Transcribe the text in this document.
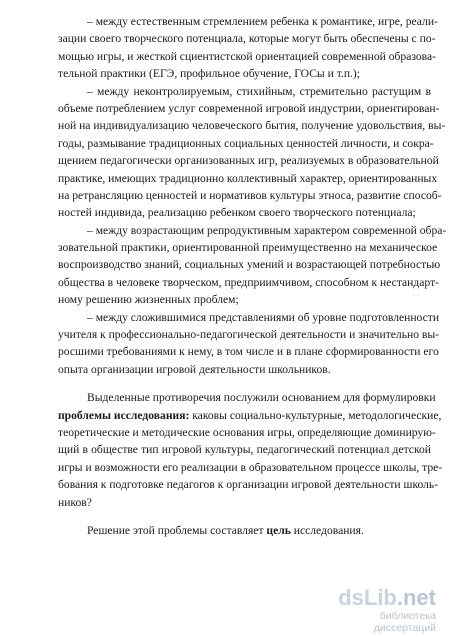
– между естественным стремлением ребенка к романтике, игре, реали-
зации своего творческого потенциала, которые могут быть обеспечены с по-
мощью игры, и жесткой сциентистской ориентацией современной образова-
тельной практики (ЕГЭ, профильное обучение, ГОСы и т.п.);
– между неконтролируемым, стихийным, стремительно растущим в
объеме потреблением услуг современной игровой индустрии, ориентирован-
ной на индивидуализацию человеческого бытия, получение удовольствия, вы-
годы, размывание традиционных социальных ценностей личности, и сокра-
щением педагогически организованных игр, реализуемых в образовательной
практике, имеющих традиционно коллективный характер, ориентированных
на ретрансляцию ценностей и нормативов культуры этноса, развитие способ-
ностей индивида, реализацию ребенком своего творческого потенциала;
– между возрастающим репродуктивным характером современной обра-
зовательной практики, ориентированной преимущественно на механическое
воспроизводство знаний, социальных умений и возрастающей потребностью
общества в человеке творческом, предприимчивом, способном к нестандарт-
ному решению жизненных проблем;
– между сложившимися представлениями об уровне подготовленности
учителя к профессионально-педагогической деятельности и значительно вы-
росшими требованиями к нему, в том числе и в плане сформированности его
опыта организации игровой деятельности школьников.
Выделенные противоречия послужили основанием для формулировки
проблемы исследования: каковы социально-культурные, методологические,
теоретические и методические основания игры, определяющие доминирую-
щий в обществе тип игровой культуры, педагогический потенциал детской
игры и возможности его реализации в образовательном процессе школы, тре-
бования к подготовке педагогов к организации игровой деятельности школь-
ников?
Решение этой проблемы составляет цель исследования.
dsLib.net
библиотека диссертаций
